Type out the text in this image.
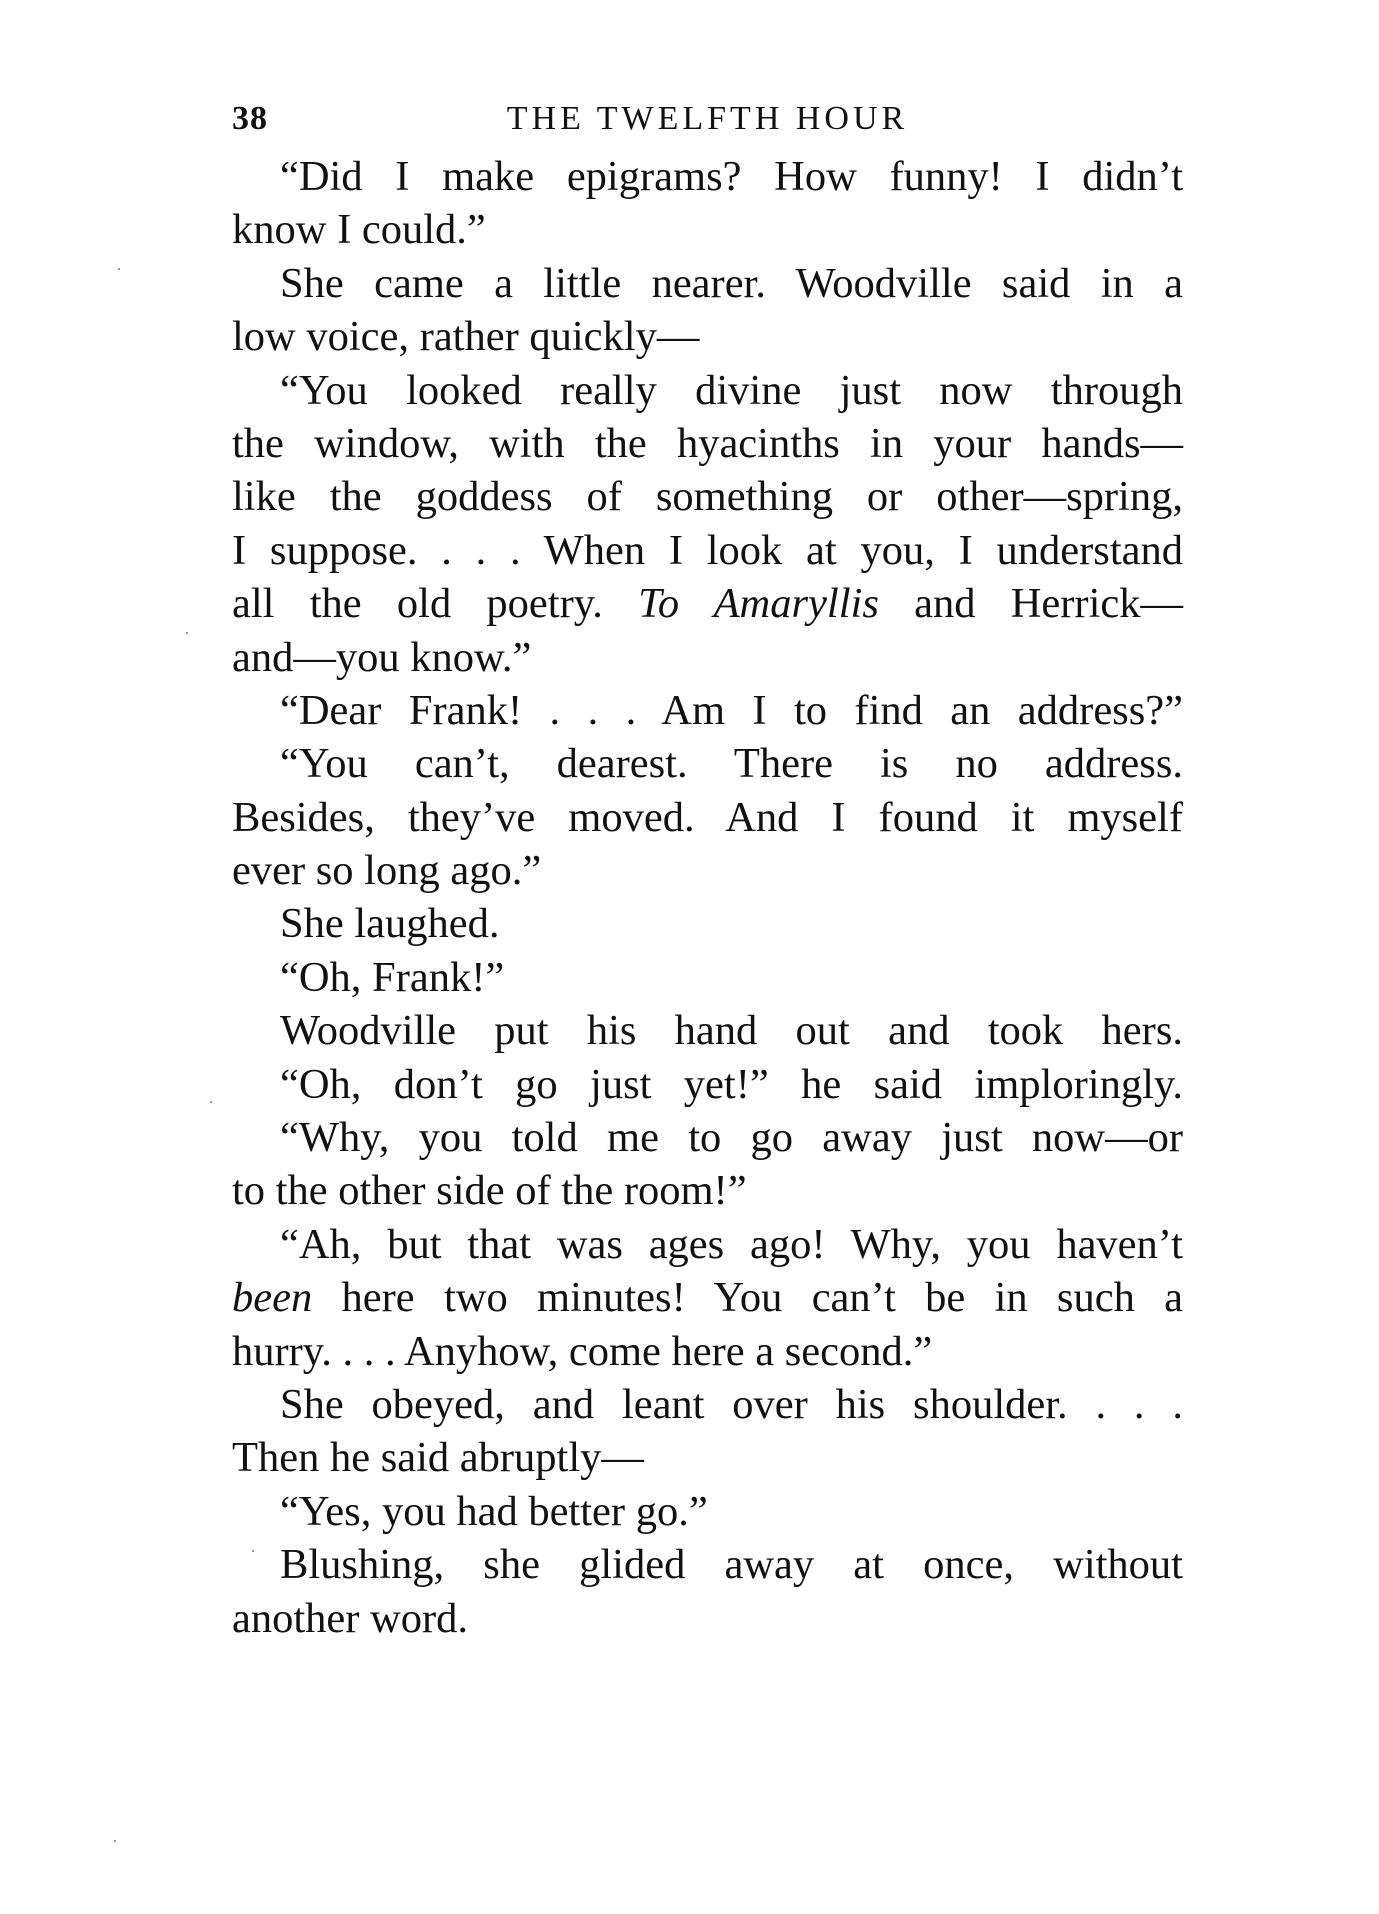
38	THE TWELFTH HOUR
“Did I make epigrams? How funny! I didn’t
know I could.”
She came a little nearer. Woodville said in a
low voice, rather quickly—
“You looked really divine just now through
the window, with the hyacinths in your hands—
like the goddess of something or other—spring,
I suppose. . . . When I look at you, I understand
all the old poetry. To Amaryllis and Herrick—
and—you know.”
“Dear Frank! . . . Am I to find an address?”
“You can’t, dearest. There is no address.
Besides, they’ve moved. And I found it myself
ever so long ago.”
She laughed.
“Oh, Frank!”
Woodville put his hand out and took hers.
“Oh, don’t go just yet!” he said imploringly.
“Why, you told me to go away just now—or
to the other side of the room!”
“Ah, but that was ages ago! Why, you haven’t
been here two minutes! You can’t be in such a
hurry. . . . Anyhow, come here a second.”
She obeyed, and leant over his shoulder. . . .
Then he said abruptly—
“Yes, you had better go.”
Blushing, she glided away at once, without
another word.
